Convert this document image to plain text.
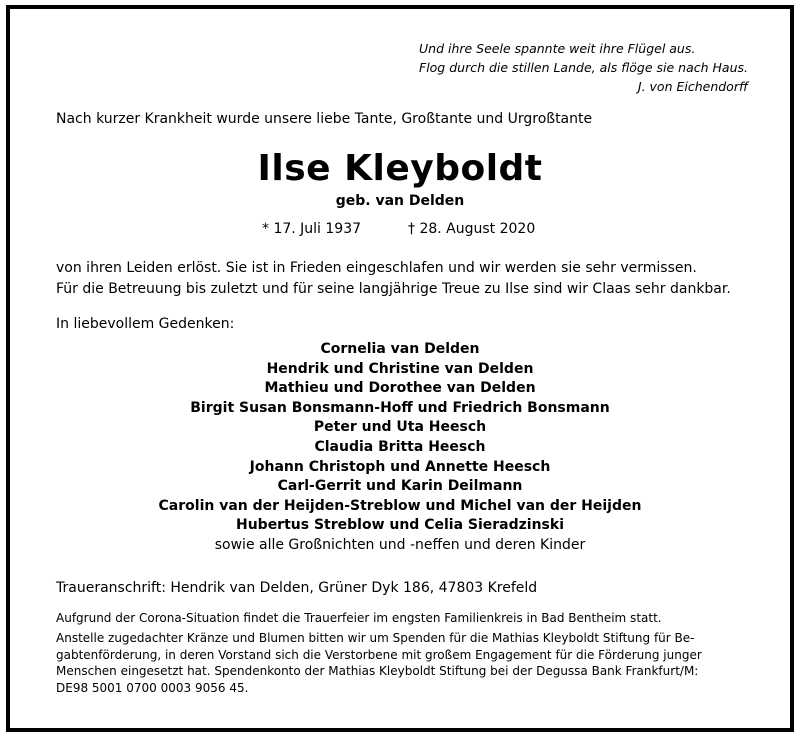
Und ihre Seele spannte weit ihre Flügel aus.
Flog durch die stillen Lande, als flöge sie nach Haus.
J. von Eichendorff
Nach kurzer Krankheit wurde unsere liebe Tante, Großtante und Urgroßtante
Ilse Kleyboldt
geb. van Delden
* 17. Juli 1937	† 28. August 2020
von ihren Leiden erlöst. Sie ist in Frieden eingeschlafen und wir werden sie sehr vermissen.
Für die Betreuung bis zuletzt und für seine langjährige Treue zu Ilse sind wir Claas sehr dankbar.
In liebevollem Gedenken:
Cornelia van Delden
Hendrik und Christine van Delden
Mathieu und Dorothee van Delden
Birgit Susan Bonsmann-Hoff und Friedrich Bonsmann
Peter und Uta Heesch
Claudia Britta Heesch
Johann Christoph und Annette Heesch
Carl-Gerrit und Karin Deilmann
Carolin van der Heijden-Streblow und Michel van der Heijden
Hubertus Streblow und Celia Sieradzinski
sowie alle Großnichten und -neffen und deren Kinder
Traueranschrift: Hendrik van Delden, Grüner Dyk 186, 47803 Krefeld
Aufgrund der Corona-Situation findet die Trauerfeier im engsten Familienkreis in Bad Bentheim statt.
Anstelle zugedachter Kränze und Blumen bitten wir um Spenden für die Mathias Kleyboldt Stiftung für Be-
gabtenförderung, in deren Vorstand sich die Verstorbene mit großem Engagement für die Förderung junger
Menschen eingesetzt hat. Spendenkonto der Mathias Kleyboldt Stiftung bei der Degussa Bank Frankfurt/M:
DE98 5001 0700 0003 9056 45.
